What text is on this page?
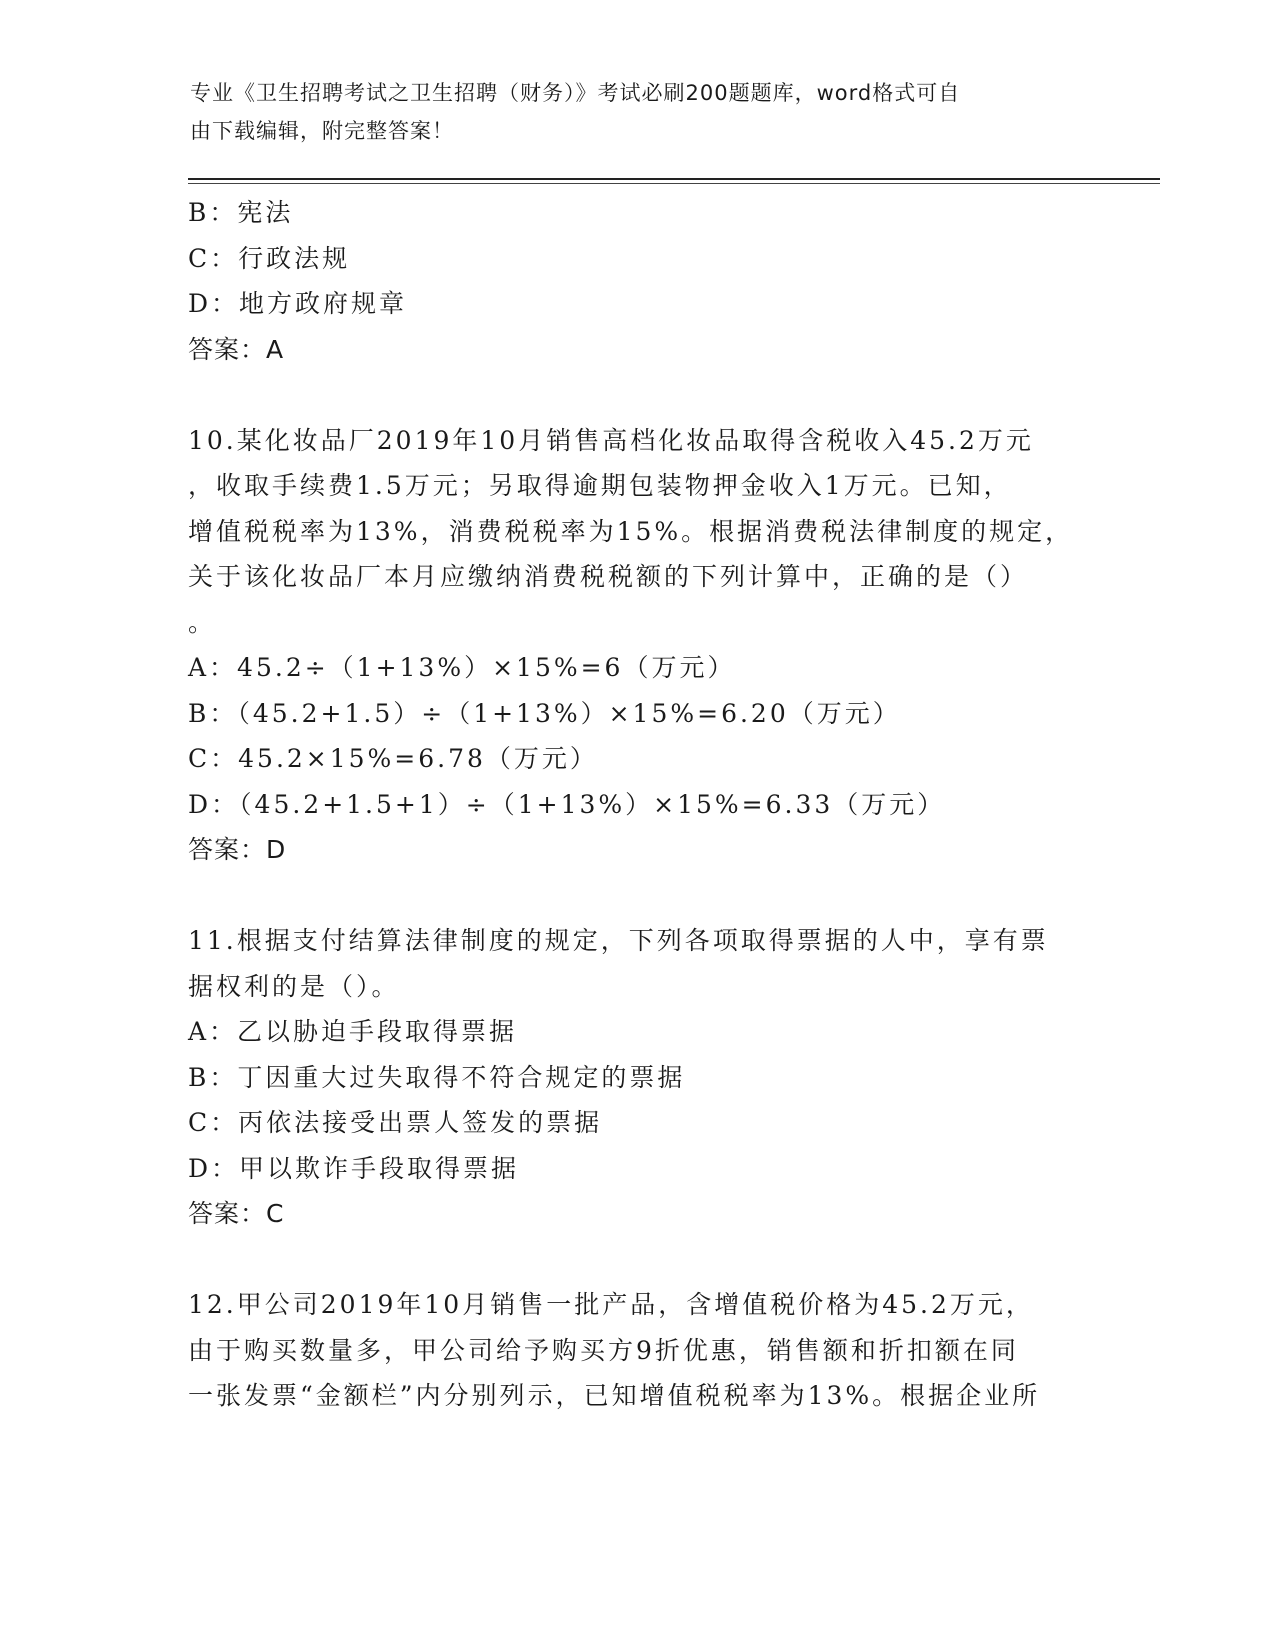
专业《卫生招聘考试之卫生招聘（财务）》考试必刷200题题库，word格式可自
由下载编辑，附完整答案！
B：宪法
C：行政法规
D：地方政府规章
答案：A
10.某化妆品厂2019年10月销售高档化妆品取得含税收入45.2万元
，收取手续费1.5万元；另取得逾期包装物押金收入1万元。已知，
增值税税率为13%，消费税税率为15%。根据消费税法律制度的规定，
关于该化妆品厂本月应缴纳消费税税额的下列计算中，正确的是（）
。
A：45.2÷（1+13%）×15%=6（万元）
B：（45.2+1.5）÷（1+13%）×15%=6.20（万元）
C：45.2×15%=6.78（万元）
D：（45.2+1.5+1）÷（1+13%）×15%=6.33（万元）
答案：D
11.根据支付结算法律制度的规定，下列各项取得票据的人中，享有票
据权利的是（）。
A：乙以胁迫手段取得票据
B：丁因重大过失取得不符合规定的票据
C：丙依法接受出票人签发的票据
D：甲以欺诈手段取得票据
答案：C
12.甲公司2019年10月销售一批产品，含增值税价格为45.2万元，
由于购买数量多，甲公司给予购买方9折优惠，销售额和折扣额在同
一张发票“金额栏”内分别列示，已知增值税税率为13%。根据企业所
